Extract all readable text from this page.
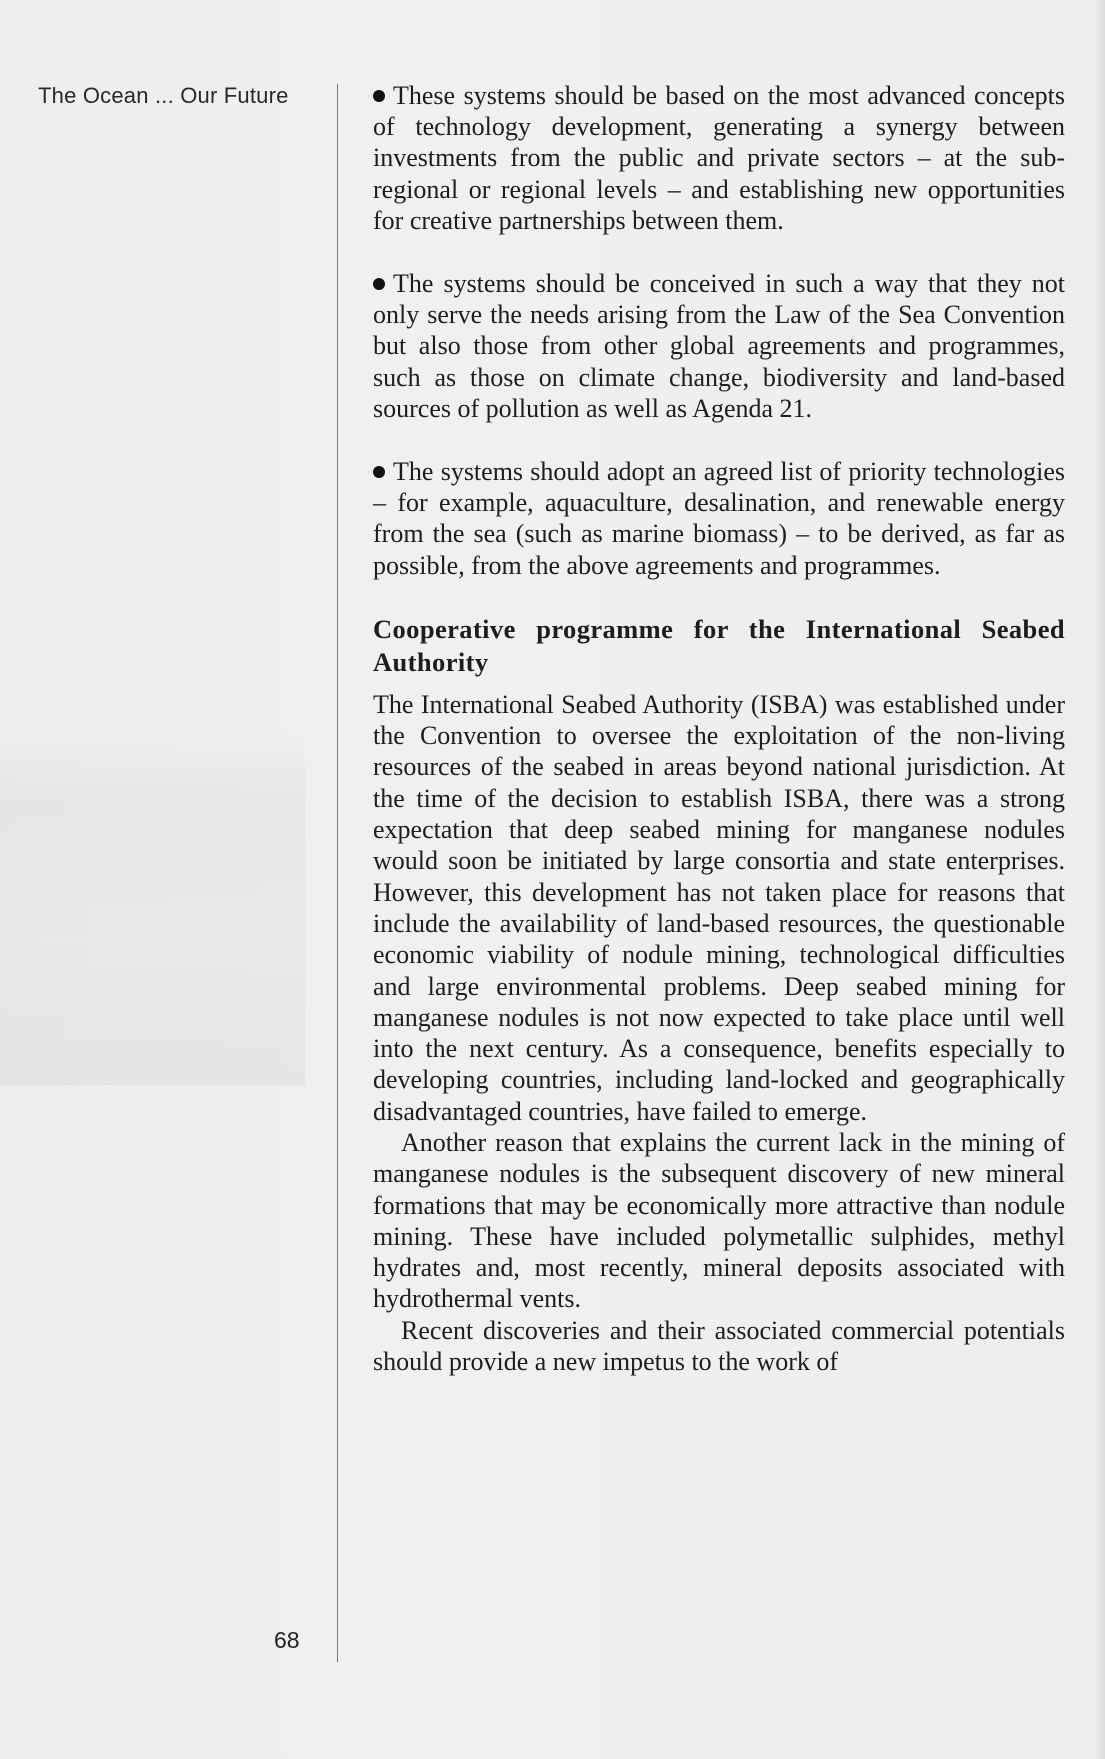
The Ocean ... Our Future
68

These systems should be based on the most advanced concepts of technology development, generating a synergy between investments from the public and private sectors – at the sub-regional or regional levels – and establishing new opportunities for creative partnerships between them.

The systems should be conceived in such a way that they not only serve the needs arising from the Law of the Sea Convention but also those from other global agreements and programmes, such as those on climate change, biodiversity and land-based sources of pollution as well as Agenda 21.

The systems should adopt an agreed list of priority technologies – for example, aquaculture, desalination, and renewable energy from the sea (such as marine biomass) – to be derived, as far as possible, from the above agreements and programmes.

Cooperative programme for the International Seabed Authority

The International Seabed Authority (ISBA) was established under the Convention to oversee the exploitation of the non-living resources of the seabed in areas beyond national jurisdiction. At the time of the decision to establish ISBA, there was a strong expectation that deep seabed mining for manganese nodules would soon be initiated by large consortia and state enterprises. However, this development has not taken place for reasons that include the availability of land-based resources, the questionable economic viability of nodule mining, technological difficulties and large environmental problems. Deep seabed mining for manganese nodules is not now expected to take place until well into the next century. As a consequence, benefits especially to developing countries, including land-locked and geographically disadvantaged countries, have failed to emerge.

Another reason that explains the current lack in the mining of manganese nodules is the subsequent discovery of new mineral formations that may be economically more attractive than nodule mining. These have included polymetallic sulphides, methyl hydrates and, most recently, mineral deposits associated with hydrothermal vents.

Recent discoveries and their associated commercial potentials should provide a new impetus to the work of
